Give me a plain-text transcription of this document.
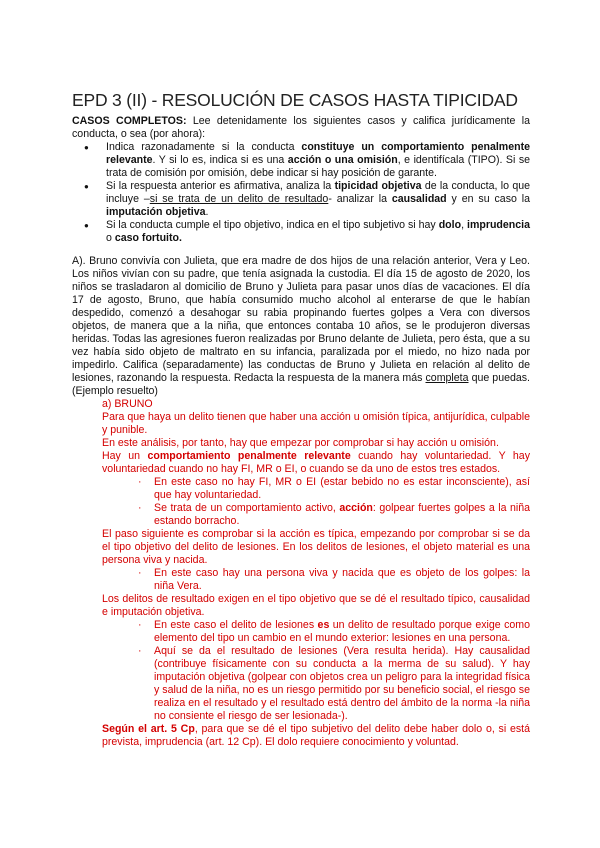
EPD 3 (II) - RESOLUCIÓN DE CASOS HASTA TIPICIDAD

CASOS COMPLETOS: Lee detenidamente los siguientes casos y califica jurídicamente la conducta, o sea (por ahora):

● Indica razonadamente si la conducta constituye un comportamiento penalmente relevante. Y si lo es, indica si es una acción o una omisión, e identifícala (TIPO). Si se trata de comisión por omisión, debe indicar si hay posición de garante.
● Si la respuesta anterior es afirmativa, analiza la tipicidad objetiva de la conducta, lo que incluye –si se trata de un delito de resultado- analizar la causalidad y en su caso la imputación objetiva.
● Si la conducta cumple el tipo objetivo, indica en el tipo subjetivo si hay dolo, imprudencia o caso fortuito.

A). Bruno convivía con Julieta, que era madre de dos hijos de una relación anterior, Vera y Leo. Los niños vivían con su padre, que tenía asignada la custodia. El día 15 de agosto de 2020, los niños se trasladaron al domicilio de Bruno y Julieta para pasar unos días de vacaciones. El día 17 de agosto, Bruno, que había consumido mucho alcohol al enterarse de que le habían despedido, comenzó a desahogar su rabia propinando fuertes golpes a Vera con diversos objetos, de manera que a la niña, que entonces contaba 10 años, se le produjeron diversas heridas. Todas las agresiones fueron realizadas por Bruno delante de Julieta, pero ésta, que a su vez había sido objeto de maltrato en su infancia, paralizada por el miedo, no hizo nada por impedirlo. Califica (separadamente) las conductas de Bruno y Julieta en relación al delito de lesiones, razonando la respuesta. Redacta la respuesta de la manera más completa que puedas. (Ejemplo resuelto)

a) BRUNO

Para que haya un delito tienen que haber una acción u omisión típica, antijurídica, culpable y punible.

En este análisis, por tanto, hay que empezar por comprobar si hay acción u omisión.

Hay un comportamiento penalmente relevante cuando hay voluntariedad. Y hay voluntariedad cuando no hay FI, MR o EI, o cuando se da uno de estos tres estados.

· En este caso no hay FI, MR o EI (estar bebido no es estar inconsciente), así que hay voluntariedad.
· Se trata de un comportamiento activo, acción: golpear fuertes golpes a la niña estando borracho.

El paso siguiente es comprobar si la acción es típica, empezando por comprobar si se da el tipo objetivo del delito de lesiones. En los delitos de lesiones, el objeto material es una persona viva y nacida.

· En este caso hay una persona viva y nacida que es objeto de los golpes: la niña Vera.

Los delitos de resultado exigen en el tipo objetivo que se dé el resultado típico, causalidad e imputación objetiva.

· En este caso el delito de lesiones es un delito de resultado porque exige como elemento del tipo un cambio en el mundo exterior: lesiones en una persona.
· Aquí se da el resultado de lesiones (Vera resulta herida). Hay causalidad (contribuye físicamente con su conducta a la merma de su salud). Y hay imputación objetiva (golpear con objetos crea un peligro para la integridad física y salud de la niña, no es un riesgo permitido por su beneficio social, el riesgo se realiza en el resultado y el resultado está dentro del ámbito de la norma -la niña no consiente el riesgo de ser lesionada-).

Según el art. 5 Cp, para que se dé el tipo subjetivo del delito debe haber dolo o, si está prevista, imprudencia (art. 12 Cp). El dolo requiere conocimiento y voluntad.
